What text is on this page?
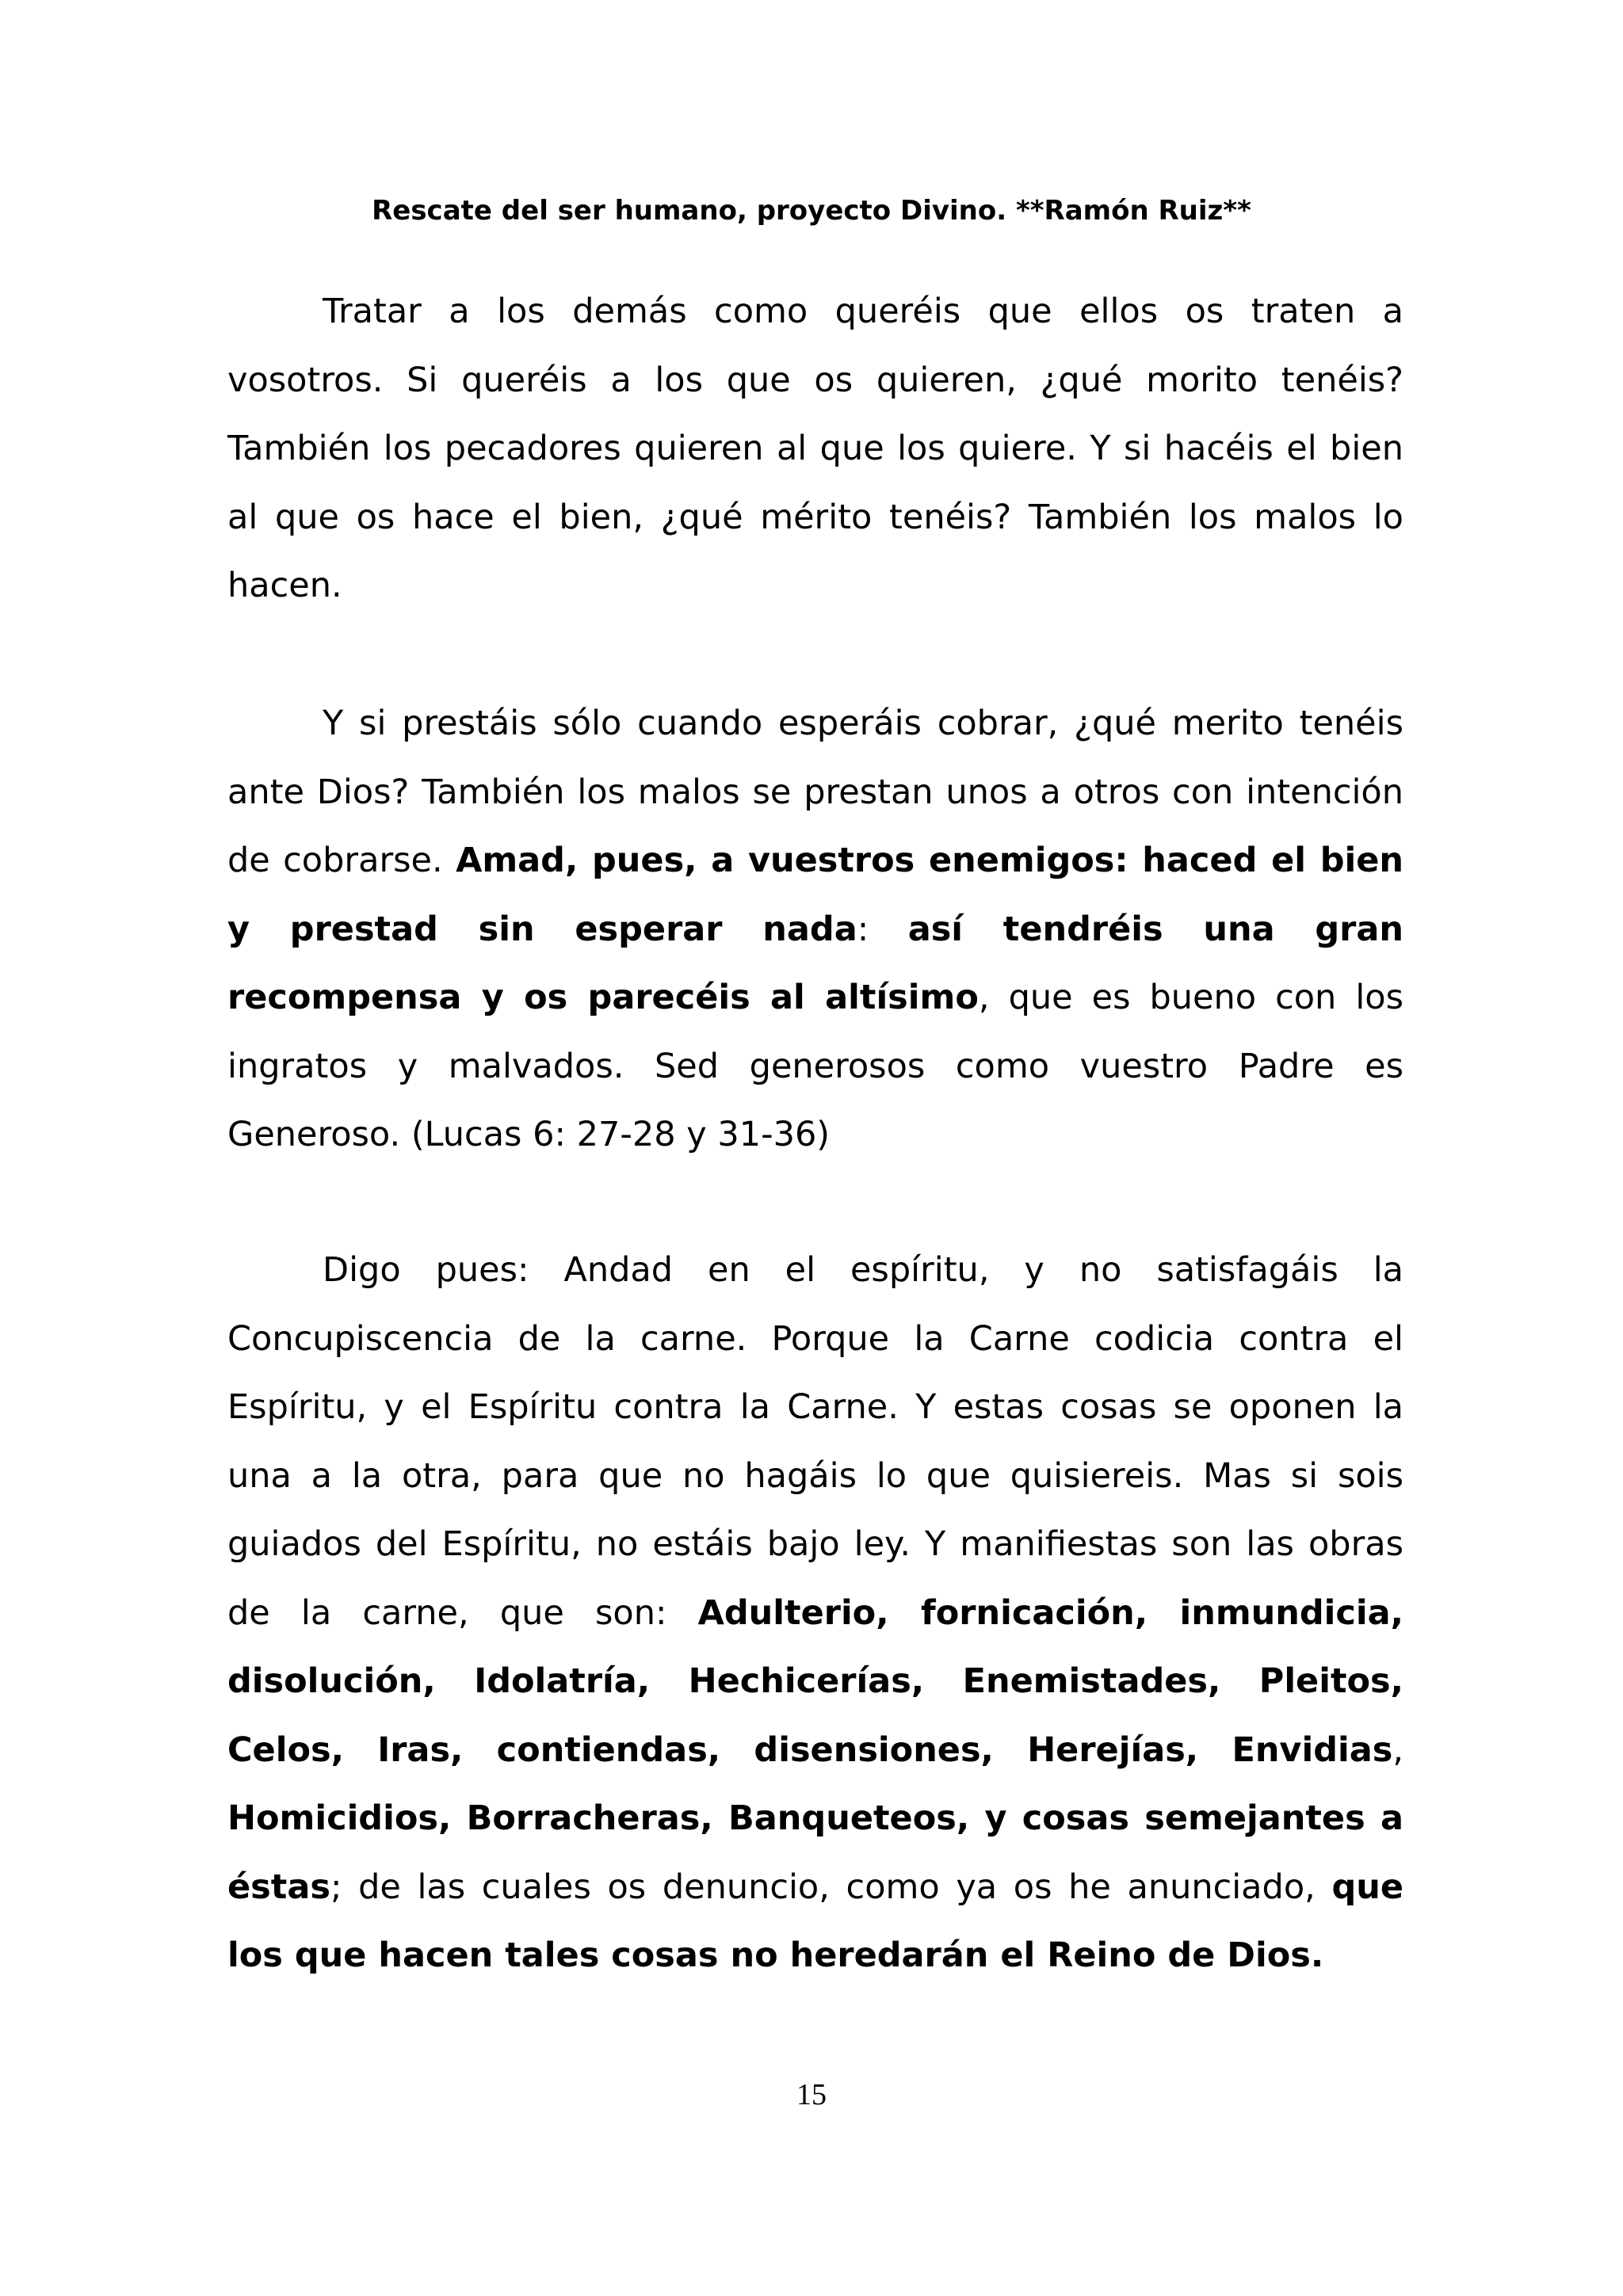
Rescate del ser humano, proyecto Divino. **Ramón Ruiz**

Tratar a los demás como queréis que ellos os traten a vosotros. Si queréis a los que os quieren, ¿qué morito tenéis? También los pecadores quieren al que los quiere. Y si hacéis el bien al que os hace el bien, ¿qué mérito tenéis? También los malos lo hacen.

Y si prestáis sólo cuando esperáis cobrar, ¿qué merito tenéis ante Dios? También los malos se prestan unos a otros con intención de cobrarse. Amad, pues, a vuestros enemigos: haced el bien y prestad sin esperar nada: así tendréis una gran recompensa y os parecéis al altísimo, que es bueno con los ingratos y malvados. Sed generosos como vuestro Padre es Generoso. (Lucas 6: 27-28 y 31-36)

Digo pues: Andad en el espíritu, y no satisfagáis la Concupiscencia de la carne. Porque la Carne codicia contra el Espíritu, y el Espíritu contra la Carne. Y estas cosas se oponen la una a la otra, para que no hagáis lo que quisiereis. Mas si sois guiados del Espíritu, no estáis bajo ley. Y manifiestas son las obras de la carne, que son: Adulterio, fornicación, inmundicia, disolución, Idolatría, Hechicerías, Enemistades, Pleitos, Celos, Iras, contiendas, disensiones, Herejías, Envidias, Homicidios, Borracheras, Banqueteos, y cosas semejantes a éstas; de las cuales os denuncio, como ya os he anunciado, que los que hacen tales cosas no heredarán el Reino de Dios.

15
